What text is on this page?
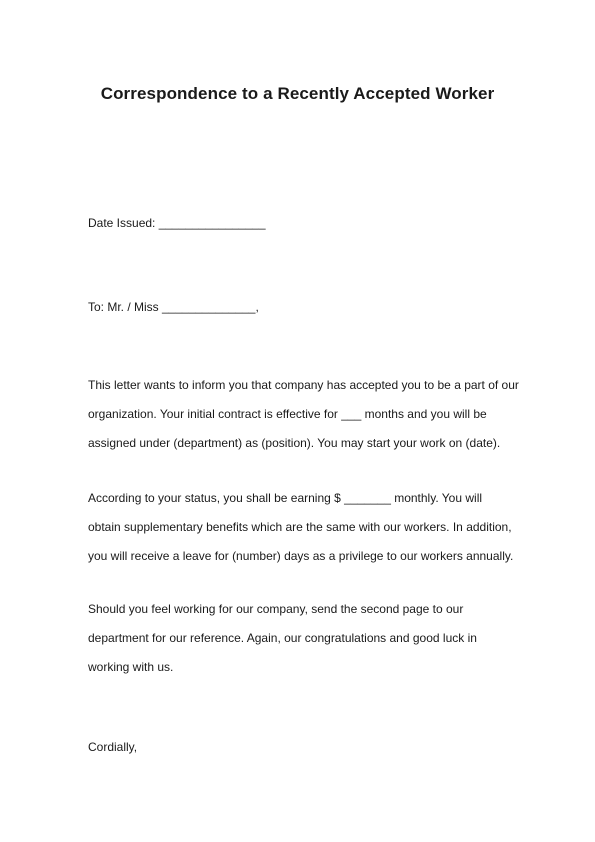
Correspondence to a Recently Accepted Worker
Date Issued: ________________
To: Mr. / Miss ______________,
This letter wants to inform you that company has accepted you to be a part of our
organization. Your initial contract is effective for ___ months and you will be
assigned under (department) as (position). You may start your work on (date).
According to your status, you shall be earning $ _______ monthly. You will
obtain supplementary benefits which are the same with our workers. In addition,
you will receive a leave for (number) days as a privilege to our workers annually.
Should you feel working for our company, send the second page to our
department for our reference. Again, our congratulations and good luck in
working with us.
Cordially,
